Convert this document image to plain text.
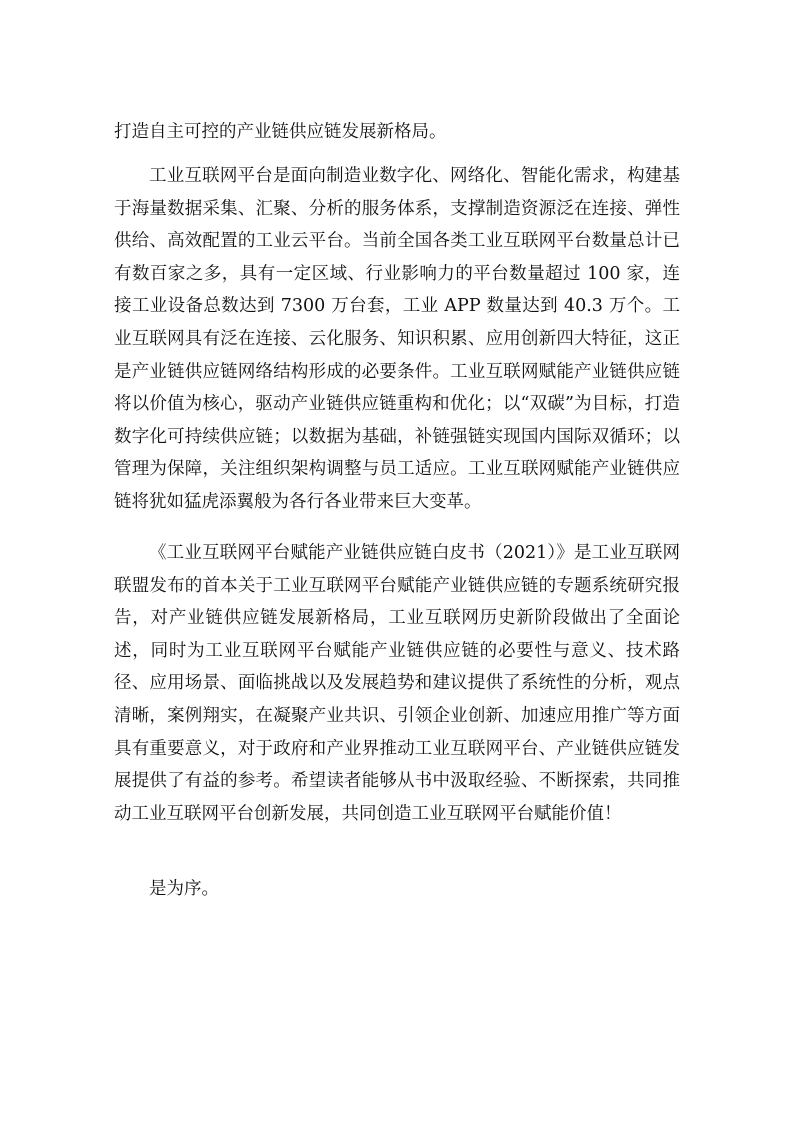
打造自主可控的产业链供应链发展新格局。

工业互联网平台是面向制造业数字化、网络化、智能化需求，构建基于海量数据采集、汇聚、分析的服务体系，支撑制造资源泛在连接、弹性供给、高效配置的工业云平台。当前全国各类工业互联网平台数量总计已有数百家之多，具有一定区域、行业影响力的平台数量超过 100 家，连接工业设备总数达到 7300 万台套，工业 APP 数量达到 40.3 万个。工业互联网具有泛在连接、云化服务、知识积累、应用创新四大特征，这正是产业链供应链网络结构形成的必要条件。工业互联网赋能产业链供应链将以价值为核心，驱动产业链供应链重构和优化；以“双碳”为目标，打造数字化可持续供应链；以数据为基础，补链强链实现国内国际双循环；以管理为保障，关注组织架构调整与员工适应。工业互联网赋能产业链供应链将犹如猛虎添翼般为各行各业带来巨大变革。

《工业互联网平台赋能产业链供应链白皮书（2021）》是工业互联网联盟发布的首本关于工业互联网平台赋能产业链供应链的专题系统研究报告，对产业链供应链发展新格局，工业互联网历史新阶段做出了全面论述，同时为工业互联网平台赋能产业链供应链的必要性与意义、技术路径、应用场景、面临挑战以及发展趋势和建议提供了系统性的分析，观点清晰，案例翔实，在凝聚产业共识、引领企业创新、加速应用推广等方面具有重要意义，对于政府和产业界推动工业互联网平台、产业链供应链发展提供了有益的参考。希望读者能够从书中汲取经验、不断探索，共同推动工业互联网平台创新发展，共同创造工业互联网平台赋能价值！

是为序。
